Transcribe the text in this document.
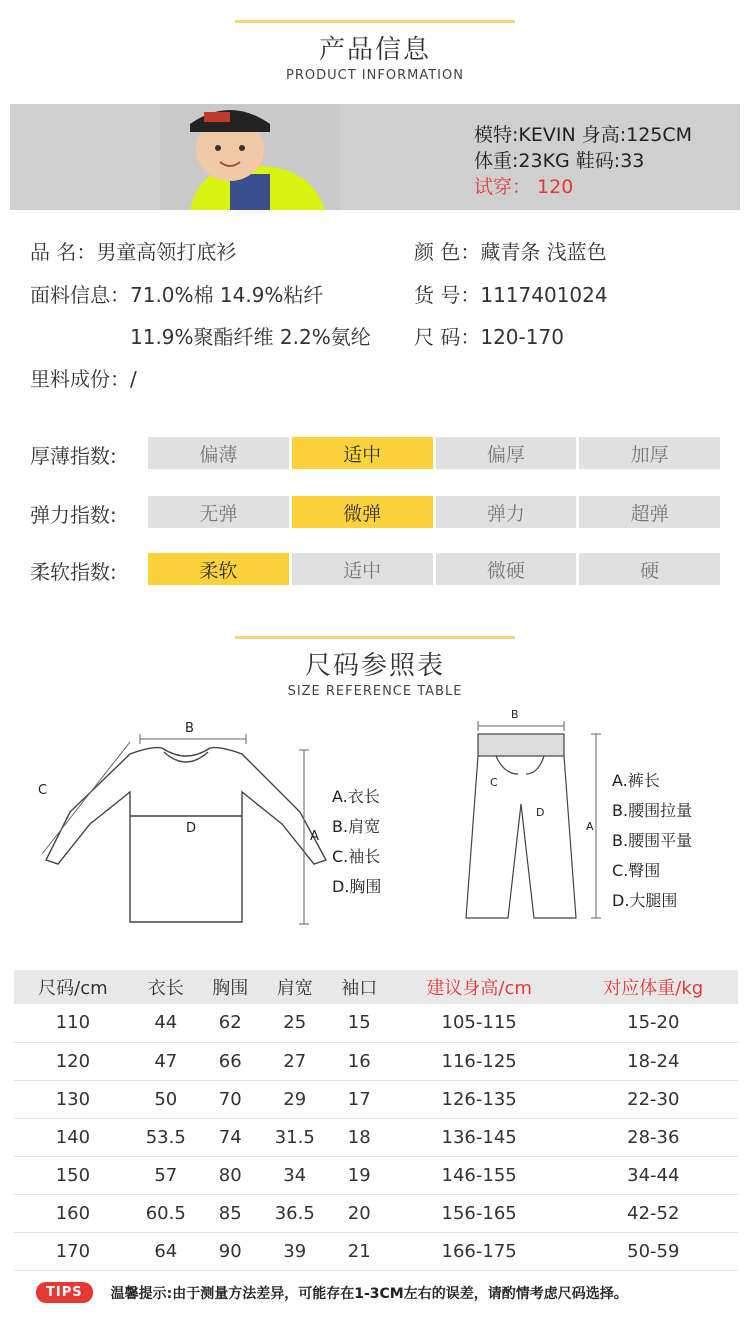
产品信息
PRODUCT INFORMATION
模特:KEVIN 身高:125CM
体重:23KG 鞋码:33
试穿： 120
品 名：男童高领打底衫
面料信息：71.0%棉 14.9%粘纤
11.9%聚酯纤维 2.2%氨纶
里料成份：/
颜 色：藏青条 浅蓝色
货 号：1117401024
尺 码：120-170
厚薄指数:	偏薄	适中	偏厚	加厚
弹力指数:	无弹	微弹	弹力	超弹
柔软指数:	柔软	适中	微硬	硬
尺码参照表
SIZE REFERENCE TABLE
B
A
C
D
A.衣长
B.肩宽
C.袖长
D.胸围
B
A
C
D
A.裤长
B.腰围拉量
B.腰围平量
C.臀围
D.大腿围
尺码/cm	衣长	胸围	肩宽	袖口	建议身高/cm	对应体重/kg
110	44	62	25	15	105-115	15-20
120	47	66	27	16	116-125	18-24
130	50	70	29	17	126-135	22-30
140	53.5	74	31.5	18	136-145	28-36
150	57	80	34	19	146-155	34-44
160	60.5	85	36.5	20	156-165	42-52
170	64	90	39	21	166-175	50-59
TIPS	温馨提示:由于测量方法差异，可能存在1-3CM左右的误差，请酌情考虑尺码选择。
